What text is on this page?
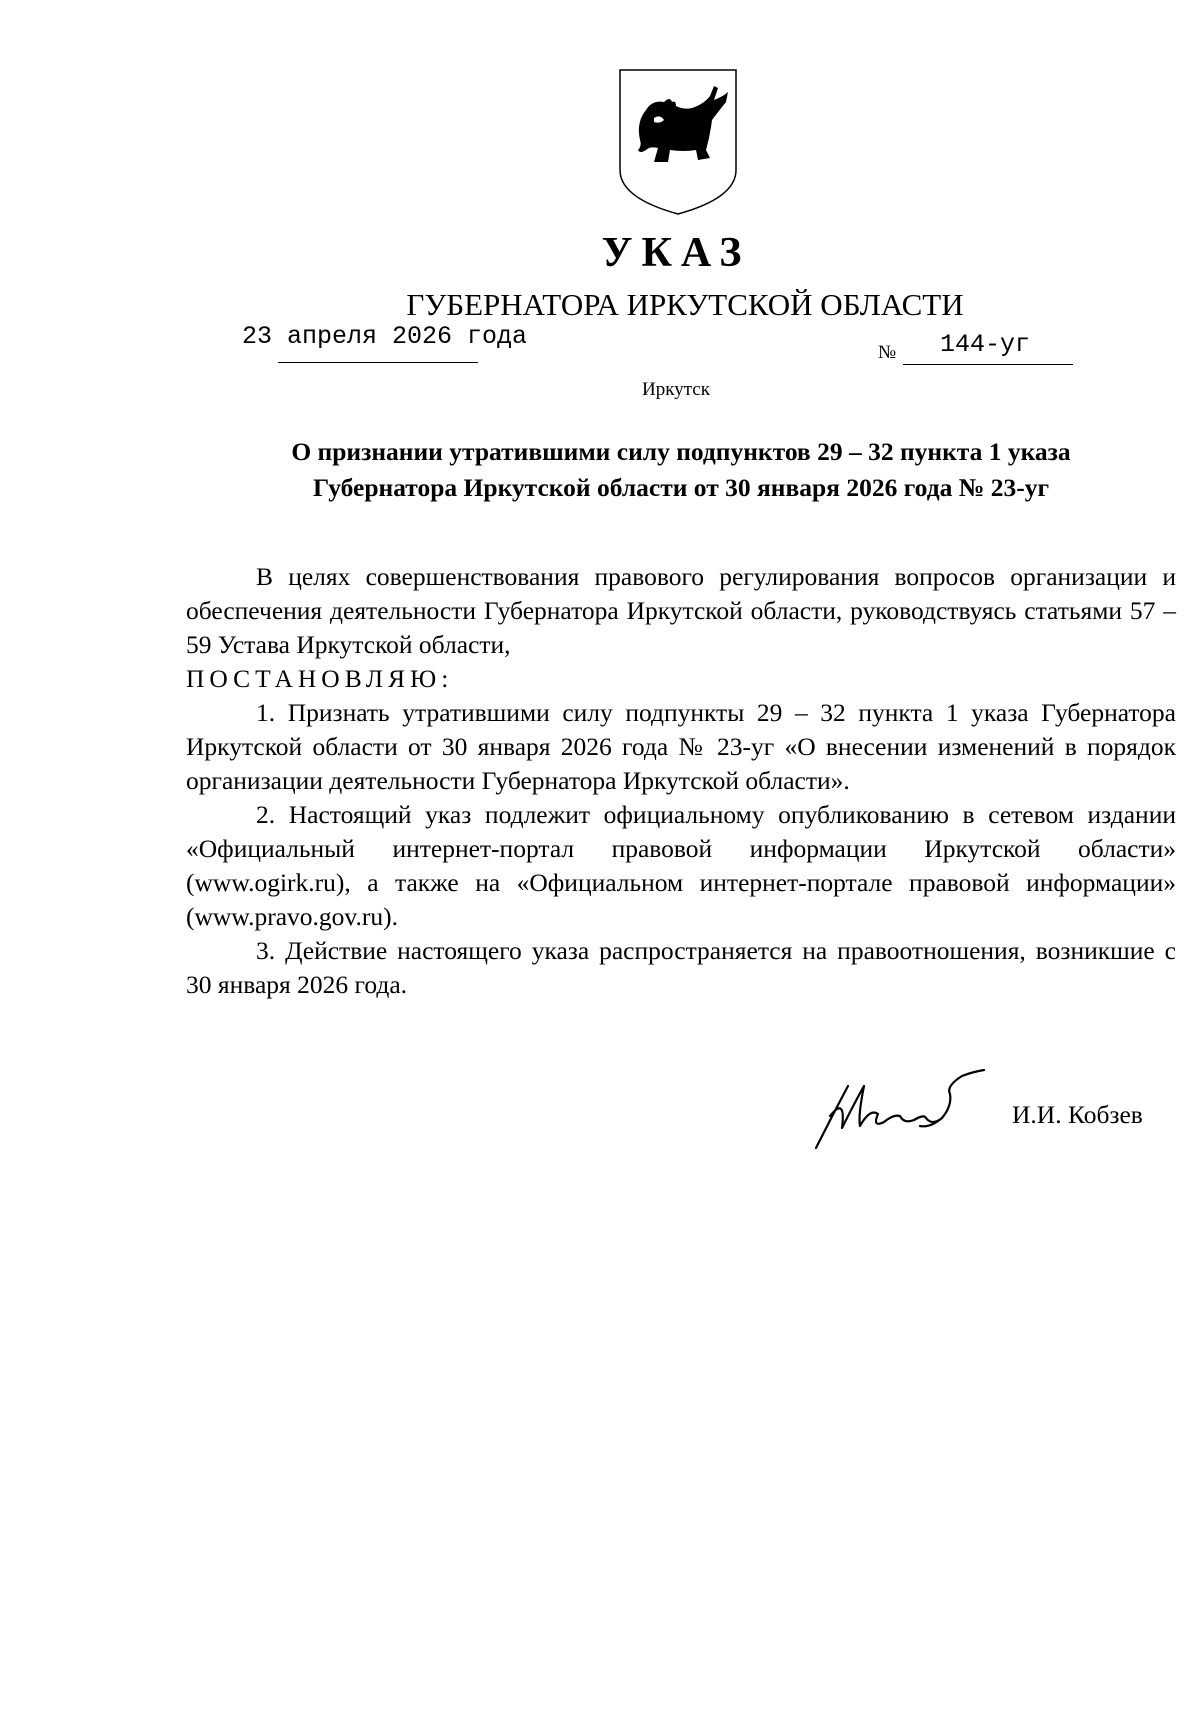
УКАЗ
ГУБЕРНАТОРА ИРКУТСКОЙ ОБЛАСТИ
23 апреля 2026 года
№ 144-уг
Иркутск
О признании утратившими силу подпунктов 29 – 32 пункта 1 указа
Губернатора Иркутской области от 30 января 2026 года № 23-уг

В целях совершенствования правового регулирования вопросов организации и обеспечения деятельности Губернатора Иркутской области, руководствуясь статьями 57 – 59 Устава Иркутской области,

ПОСТАНОВЛЯЮ:

1. Признать утратившими силу подпункты 29 – 32 пункта 1 указа Губернатора Иркутской области от 30 января 2026 года № 23-уг «О внесении изменений в порядок организации деятельности Губернатора Иркутской области».

2. Настоящий указ подлежит официальному опубликованию в сетевом издании «Официальный интернет-портал правовой информации Иркутской области» (www.ogirk.ru), а также на «Официальном интернет-портале правовой информации» (www.pravo.gov.ru).

3. Действие настоящего указа распространяется на правоотношения, возникшие с 30 января 2026 года.

И.И. Кобзев
